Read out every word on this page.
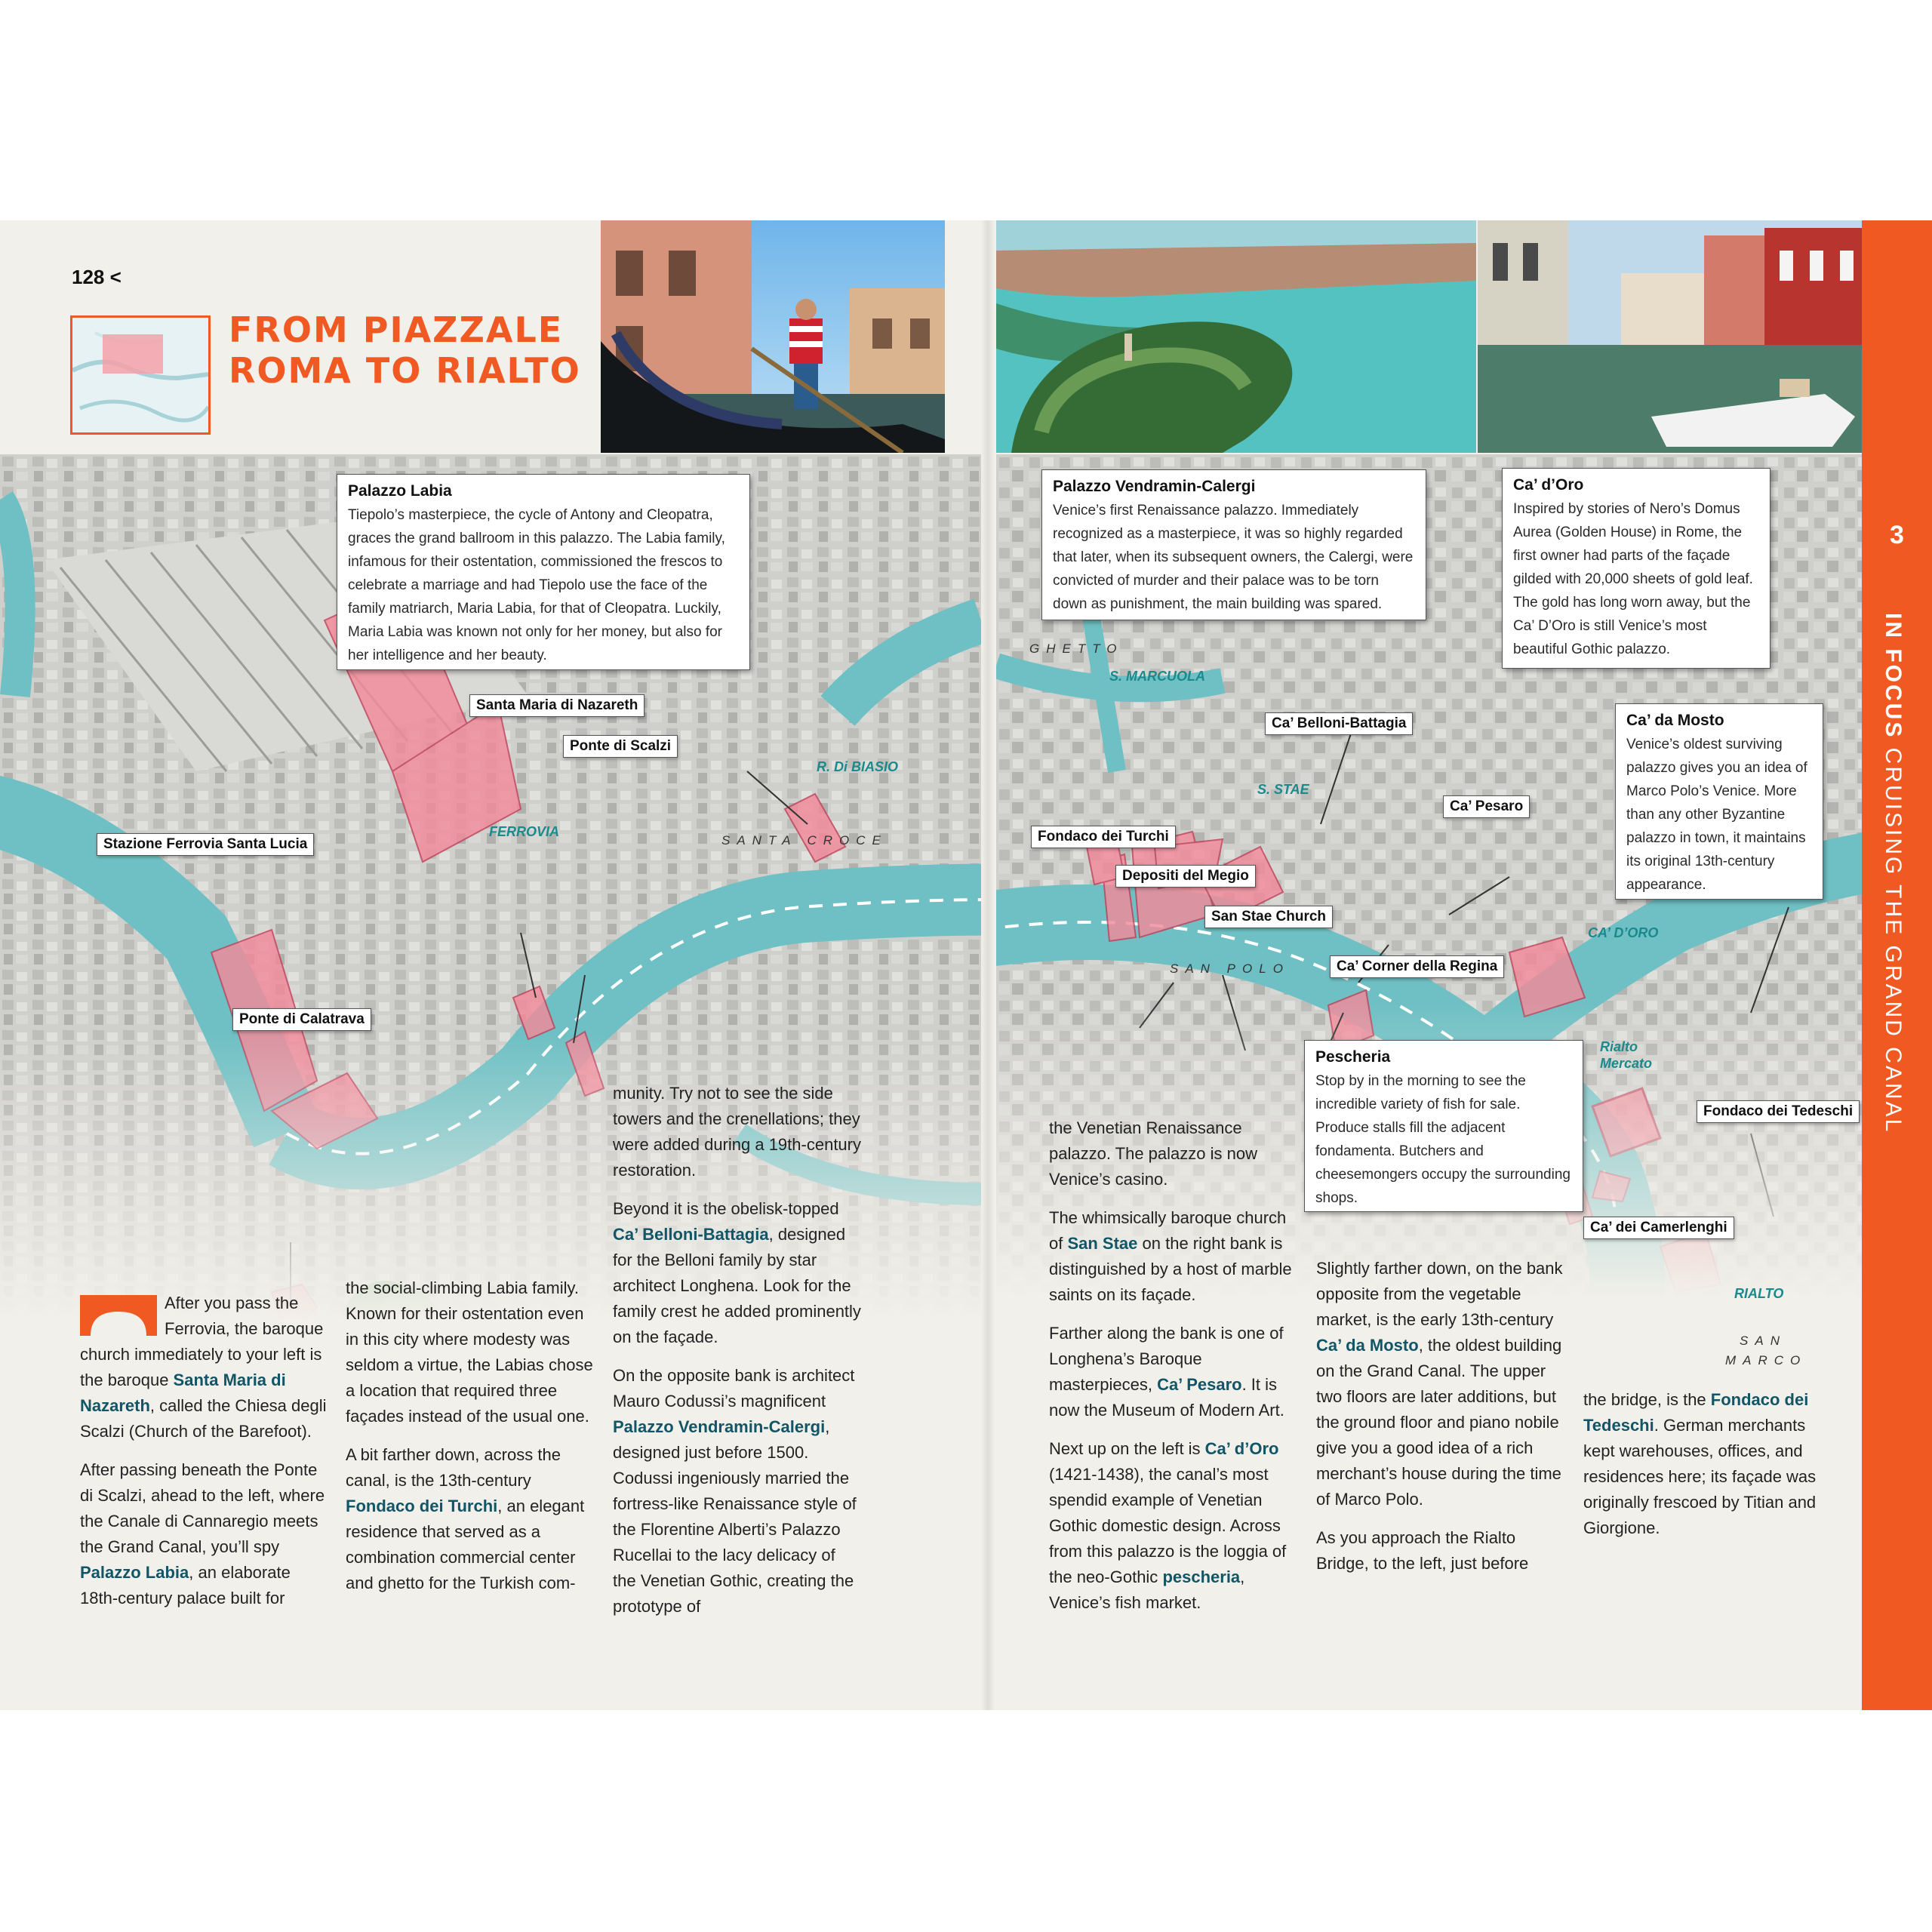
128 <
FROM PIAZZALE
ROMA TO RIALTO
Palazzo Labia
Tiepolo’s masterpiece, the cycle of Antony and Cleopatra, graces the grand ballroom in this palazzo. The Labia family, infamous for their ostentation, commissioned the frescos to celebrate a marriage and had Tiepolo use the face of the family matriarch, Maria Labia, for that of Cleopatra. Luckily, Maria Labia was known not only for her money, but also for her intelligence and her beauty.
Santa Maria di Nazareth
Ponte di Scalzi
Stazione Ferrovia Santa Lucia
Ponte di Calatrava
R. Di BIASIO
FERROVIA
SANTA CROCE

After you pass the Ferrovia, the baroque church immediately to your left is the baroque Santa Maria di Nazareth, called the Chiesa degli Scalzi (Church of the Barefoot).

After passing beneath the Ponte di Scalzi, ahead to the left, where the Canale di Cannaregio meets the Grand Canal, you’ll spy Palazzo Labia, an elaborate 18th-century palace built for

the social-climbing Labia family. Known for their ostentation even in this city where modesty was seldom a virtue, the Labias chose a location that required three façades instead of the usual one.

A bit farther down, across the canal, is the 13th-century Fondaco dei Turchi, an elegant residence that served as a combination commercial center and ghetto for the Turkish com-

munity. Try not to see the side towers and the crenellations; they were added during a 19th-century restoration.

Beyond it is the obelisk-topped Ca’ Belloni-Battagia, designed for the Belloni family by star architect Longhena. Look for the family crest he added prominently on the façade.

On the opposite bank is architect Mauro Codussi’s magnificent Palazzo Vendramin-Calergi, designed just before 1500. Codussi ingeniously married the fortress-like Renaissance style of the Florentine Alberti’s Palazzo Rucellai to the lacy delicacy of the Venetian Gothic, creating the prototype of

Palazzo Vendramin-Calergi
Venice’s first Renaissance palazzo. Immediately recognized as a masterpiece, it was so highly regarded that later, when its subsequent owners, the Calergi, were convicted of murder and their palace was to be torn down as punishment, the main building was spared.
Ca’ d’Oro
Inspired by stories of Nero’s Domus Aurea (Golden House) in Rome, the first owner had parts of the façade gilded with 20,000 sheets of gold leaf. The gold has long worn away, but the Ca’ D’Oro is still Venice’s most beautiful Gothic palazzo.
Ca’ da Mosto
Venice’s oldest surviving palazzo gives you an idea of Marco Polo’s Venice. More than any other Byzantine palazzo in town, it maintains its original 13th-century appearance.
Pescheria
Stop by in the morning to see the incredible variety of fish for sale. Produce stalls fill the adjacent fondamenta. Butchers and cheesemongers occupy the surrounding shops.
Ca’ Belloni-Battagia
Ca’ Pesaro
Fondaco dei Turchi
Depositi del Megio
San Stae Church
Ca’ Corner della Regina
Fondaco dei Tedeschi
Ca’ dei Camerlenghi
S. MARCUOLA
S. STAE
CA’ D’ORO
Rialto Mercato
RIALTO
GHETTO
SAN POLO
SAN MARCO

the Venetian Renaissance palazzo. The palazzo is now Venice’s casino.

The whimsically baroque church of San Stae on the right bank is distinguished by a host of marble saints on its façade.

Farther along the bank is one of Longhena’s Baroque masterpieces, Ca’ Pesaro. It is now the Museum of Modern Art.

Next up on the left is Ca’ d’Oro (1421-1438), the canal’s most spendid example of Venetian Gothic domestic design. Across from this palazzo is the loggia of the neo-Gothic pescheria, Venice’s fish market.

Slightly farther down, on the bank opposite from the vegetable market, is the early 13th-century Ca’ da Mosto, the oldest building on the Grand Canal. The upper two floors are later additions, but the ground floor and piano nobile give you a good idea of a rich merchant’s house during the time of Marco Polo.

As you approach the Rialto Bridge, to the left, just before

the bridge, is the Fondaco dei Tedeschi. German merchants kept warehouses, offices, and residences here; its façade was originally frescoed by Titian and Giorgione.

3
IN FOCUS CRUISING THE GRAND CANAL
